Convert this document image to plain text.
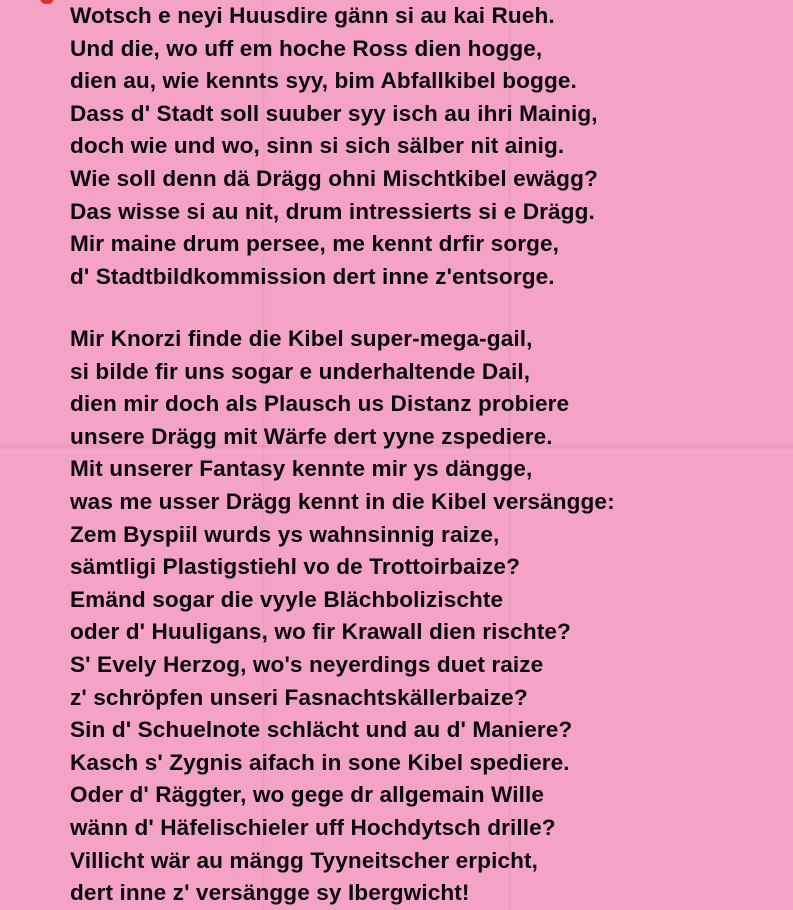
Wotsch e neyi Huusdire gänn si au kai Rueh.
Und die, wo uff em hoche Ross dien hogge,
dien au, wie kennts syy, bim Abfallkibel bogge.
Dass d' Stadt soll suuber syy isch au ihri Mainig,
doch wie und wo, sinn si sich sälber nit ainig.
Wie soll denn dä Drägg ohni Mischtkibel ewägg?
Das wisse si au nit, drum intressierts si e Drägg.
Mir maine drum persee, me kennt drfir sorge,
d' Stadtbildkommission dert inne z'entsorge.
Mir Knorzi finde die Kibel super-mega-gail,
si bilde fir uns sogar e underhaltende Dail,
dien mir doch als Plausch us Distanz probiere
unsere Drägg mit Wärfe dert yyne zspediere.
Mit unserer Fantasy kennte mir ys dängge,
was me usser Drägg kennt in die Kibel versängge:
Zem Byspiil wurds ys wahnsinnig raize,
sämtligi Plastigstiehl vo de Trottoirbaize?
Emänd sogar die vyyle Blächbolizischte
oder d' Huuligans, wo fir Krawall dien rischte?
S' Evely Herzog, wo's neyerdings duet raize
z' schröpfen unseri Fasnachtskällerbaize?
Sin d' Schuelnote schlächt und au d' Maniere?
Kasch s' Zygnis aifach in sone Kibel spediere.
Oder d' Räggter, wo gege dr allgemain Wille
wänn d' Häfelischieler uff Hochdytsch drille?
Villicht wär au mängg Tyyneitscher erpicht,
dert inne z' versängge sy Ibergwicht!
